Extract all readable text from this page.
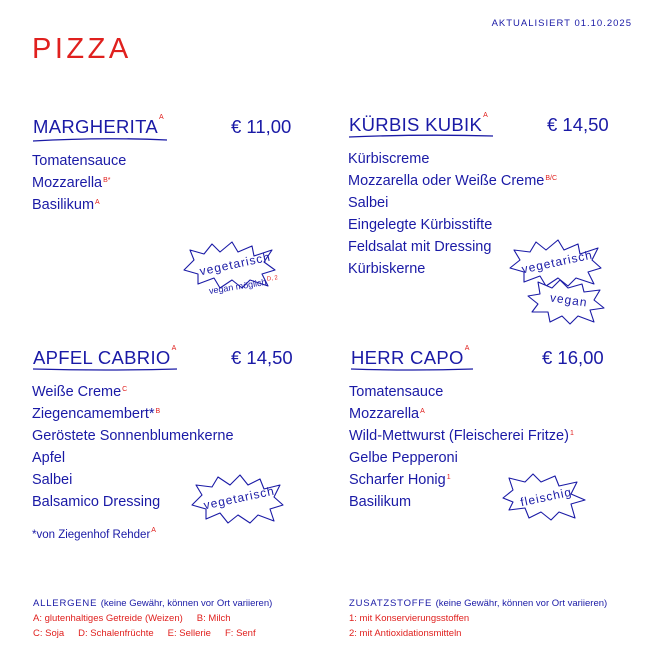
AKTUALISIERT 01.10.2025
PIZZA
$MARGHERITA^A$	€ 11,00
Tomatensauce
Mozzarella$^{B*}$
Basilikum$^A$
vegetarisch
vegan möglich$^{D, 2}$
KÜRBIS $KUBIK^A$	€ 14,50
Kürbiscreme
Mozzarella oder Weiße Creme$^{B/C}$
Salbei
Eingelegte Kürbisstifte
Feldsalat mit Dressing
Kürbiskerne	vegetarisch
vegan
APFEL $CABRIO^A$	€ 14,50
Weiße Creme$^C$
Ziegencamembert*$^B$
Geröstete Sonnenblumenkerne
Apfel
Salbei
Balsamico Dressing
*von Ziegenhof Rehder$^A$
vegetarisch
HERR $CAPO^A$	€ 16,00
Tomatensauce
Mozzarella$^A$
Wild-Mettwurst (Fleischerei Fritze)$^1$
Gelbe Pepperoni
Scharfer Honig$^1$
Basilikum	fleischig
ALLERGENE (keine Gewähr, können vor Ort variieren)
A: glutenhaltiges Getreide (Weizen) B: Milch
C: Soja D: Schalenfrüchte E: Sellerie F: Senf
ZUSATZSTOFFE (keine Gewähr, können vor Ort variieren)
1: mit Konservierungsstoffen
2: mit Antioxidationsmitteln
